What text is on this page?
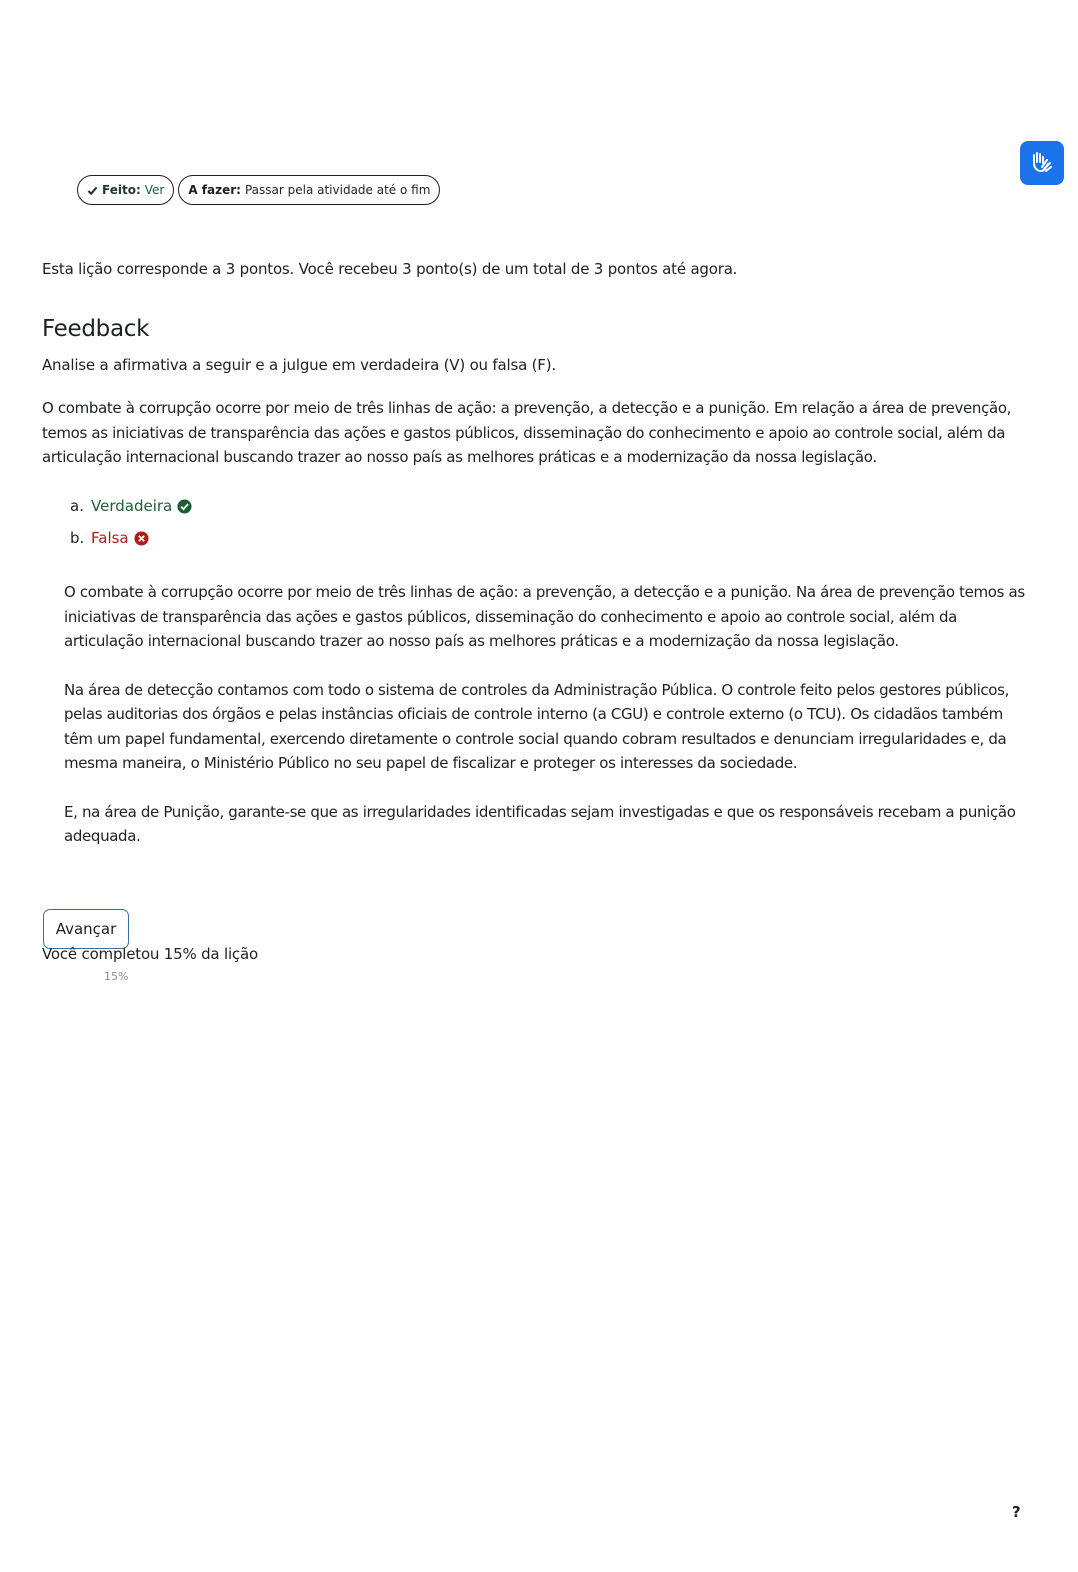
Feito: Ver A fazer: Passar pela atividade até o fim
Esta lição corresponde a 3 pontos. Você recebeu 3 ponto(s) de um total de 3 pontos até agora.
Feedback
Analise a afirmativa a seguir e a julgue em verdadeira (V) ou falsa (F).

O combate à corrupção ocorre por meio de três linhas de ação: a prevenção, a detecção e a punição. Em relação a área de prevenção, temos as iniciativas de transparência das ações e gastos públicos, disseminação do conhecimento e apoio ao controle social, além da articulação internacional buscando trazer ao nosso país as melhores práticas e a modernização da nossa legislação.

a. Verdadeira
b. Falsa

O combate à corrupção ocorre por meio de três linhas de ação: a prevenção, a detecção e a punição. Na área de prevenção temos as iniciativas de transparência das ações e gastos públicos, disseminação do conhecimento e apoio ao controle social, além da articulação internacional buscando trazer ao nosso país as melhores práticas e a modernização da nossa legislação.

Na área de detecção contamos com todo o sistema de controles da Administração Pública. O controle feito pelos gestores públicos, pelas auditorias dos órgãos e pelas instâncias oficiais de controle interno (a CGU) e controle externo (o TCU). Os cidadãos também têm um papel fundamental, exercendo diretamente o controle social quando cobram resultados e denunciam irregularidades e, da mesma maneira, o Ministério Público no seu papel de fiscalizar e proteger os interesses da sociedade.

E, na área de Punição, garante-se que as irregularidades identificadas sejam investigadas e que os responsáveis recebam a punição adequada.

Avançar
Você completou 15% da lição
15%
?
